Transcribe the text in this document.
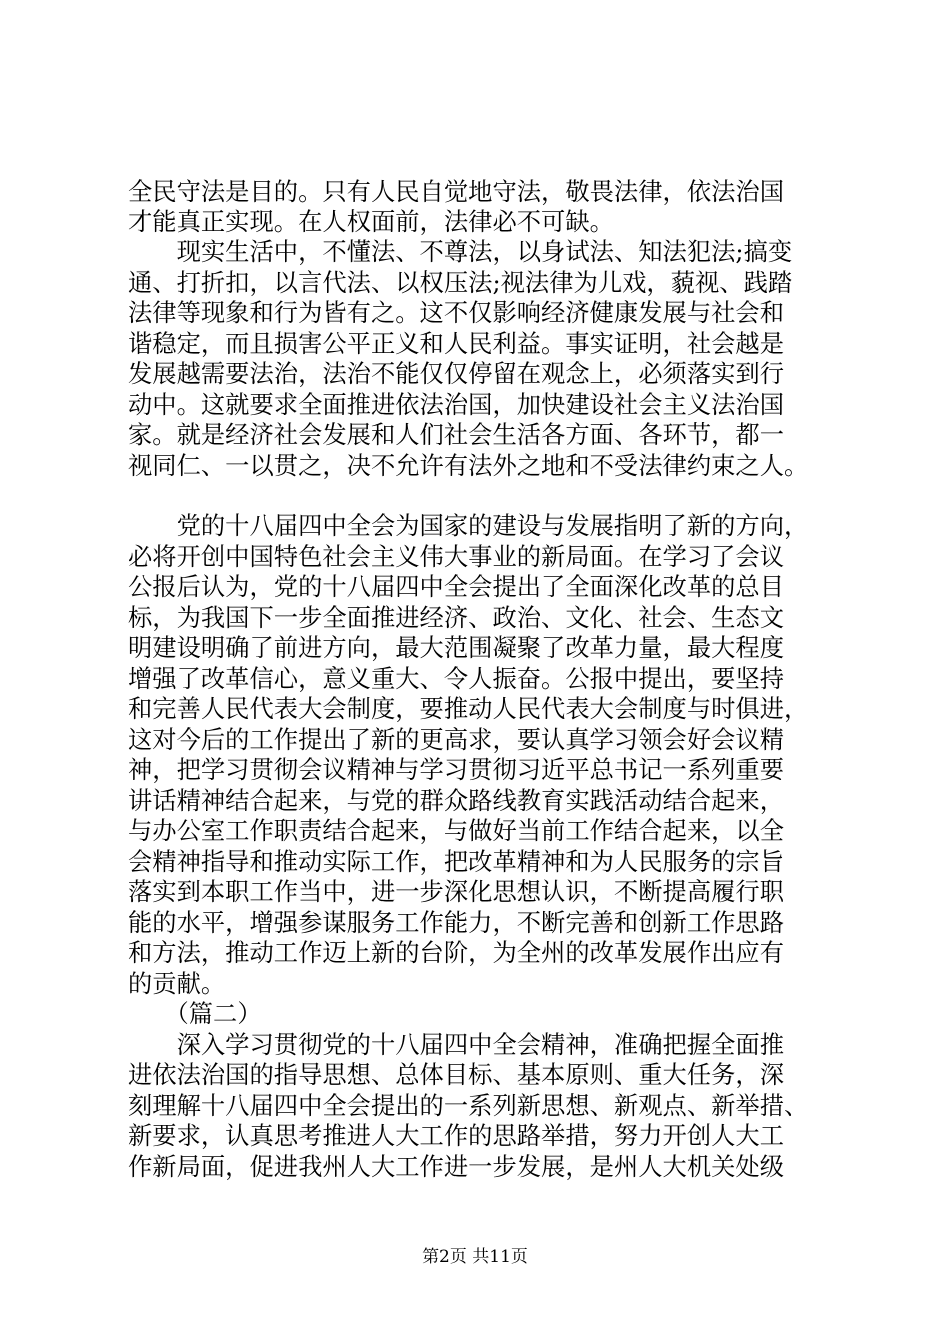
全民守法是目的。只有人民自觉地守法，敬畏法律，依法治国
才能真正实现。在人权面前，法律必不可缺。
　　现实生活中，不懂法、不尊法，以身试法、知法犯法;搞变
通、打折扣，以言代法、以权压法;视法律为儿戏，藐视、践踏
法律等现象和行为皆有之。这不仅影响经济健康发展与社会和
谐稳定，而且损害公平正义和人民利益。事实证明，社会越是
发展越需要法治，法治不能仅仅停留在观念上，必须落实到行
动中。这就要求全面推进依法治国，加快建设社会主义法治国
家。就是经济社会发展和人们社会生活各方面、各环节，都一
视同仁、一以贯之，决不允许有法外之地和不受法律约束之人。
　　党的十八届四中全会为国家的建设与发展指明了新的方向，
必将开创中国特色社会主义伟大事业的新局面。在学习了会议
公报后认为，党的十八届四中全会提出了全面深化改革的总目
标，为我国下一步全面推进经济、政治、文化、社会、生态文
明建设明确了前进方向，最大范围凝聚了改革力量，最大程度
增强了改革信心，意义重大、令人振奋。公报中提出，要坚持
和完善人民代表大会制度，要推动人民代表大会制度与时俱进，
这对今后的工作提出了新的更高求，要认真学习领会好会议精
神，把学习贯彻会议精神与学习贯彻习近平总书记一系列重要
讲话精神结合起来，与党的群众路线教育实践活动结合起来，
与办公室工作职责结合起来，与做好当前工作结合起来，以全
会精神指导和推动实际工作，把改革精神和为人民服务的宗旨
落实到本职工作当中，进一步深化思想认识，不断提高履行职
能的水平，增强参谋服务工作能力，不断完善和创新工作思路
和方法，推动工作迈上新的台阶，为全州的改革发展作出应有
的贡献。
　　（篇二）
　　深入学习贯彻党的十八届四中全会精神，准确把握全面推
进依法治国的指导思想、总体目标、基本原则、重大任务，深
刻理解十八届四中全会提出的一系列新思想、新观点、新举措、
新要求，认真思考推进人大工作的思路举措，努力开创人大工
作新局面，促进我州人大工作进一步发展，是州人大机关处级
第2页 共11页
